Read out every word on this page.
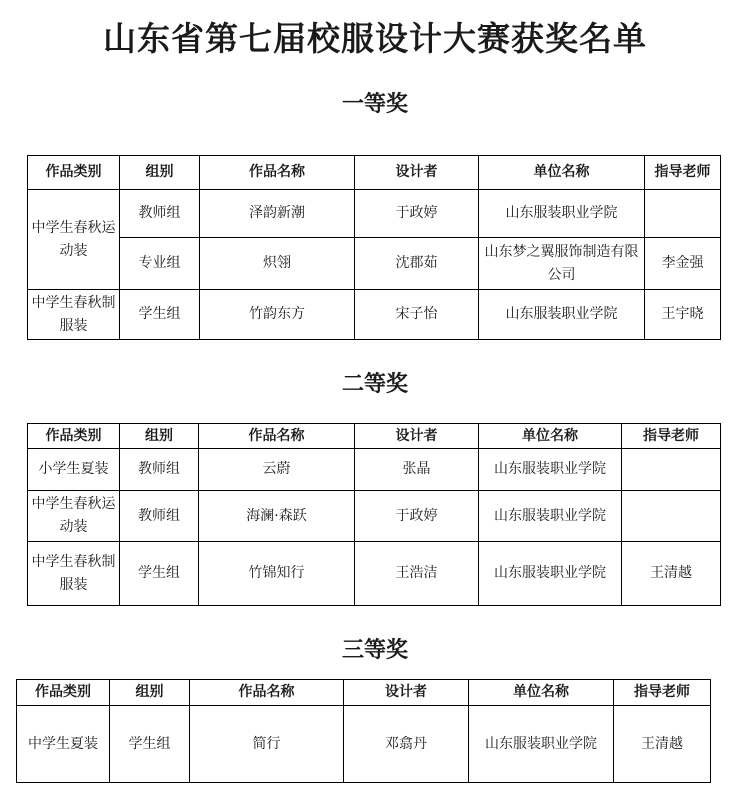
山东省第七届校服设计大赛获奖名单
一等奖
作品类别	组别	作品名称	设计者	单位名称	指导老师
中学生春秋运动装	教师组	泽韵新潮	于政婷	山东服装职业学院	
	专业组	炽翎	沈郡茹	山东梦之翼服饰制造有限公司	李金强
中学生春秋制服装	学生组	竹韵东方	宋子怡	山东服装职业学院	王宇晓
二等奖
作品类别	组别	作品名称	设计者	单位名称	指导老师
小学生夏装	教师组	云蔚	张晶	山东服装职业学院	
中学生春秋运动装	教师组	海澜·森跃	于政婷	山东服装职业学院	
中学生春秋制服装	学生组	竹锦知行	王浩洁	山东服装职业学院	王清越
三等奖
作品类别	组别	作品名称	设计者	单位名称	指导老师
中学生夏装	学生组	简行	邓翕丹	山东服装职业学院	王清越
